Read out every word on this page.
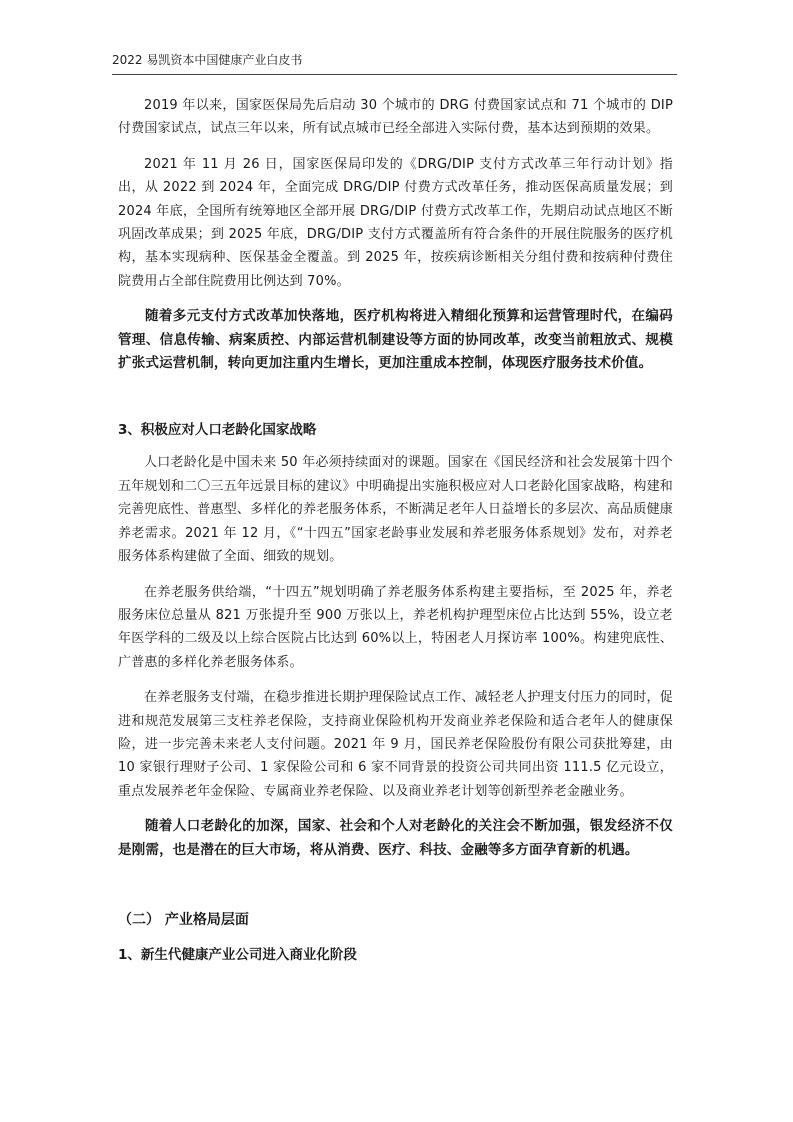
2022 易凯资本中国健康产业白皮书

2019 年以来，国家医保局先后启动 30 个城市的 DRG 付费国家试点和 71 个城市的 DIP 付费国家试点，试点三年以来，所有试点城市已经全部进入实际付费，基本达到预期的效果。

2021 年 11 月 26 日，国家医保局印发的《DRG/DIP 支付方式改革三年行动计划》指出，从 2022 到 2024 年，全面完成 DRG/DIP 付费方式改革任务，推动医保高质量发展；到 2024 年底，全国所有统筹地区全部开展 DRG/DIP 付费方式改革工作，先期启动试点地区不断巩固改革成果；到 2025 年底，DRG/DIP 支付方式覆盖所有符合条件的开展住院服务的医疗机构，基本实现病种、医保基金全覆盖。到 2025 年，按疾病诊断相关分组付费和按病种付费住院费用占全部住院费用比例达到 70%。

随着多元支付方式改革加快落地，医疗机构将进入精细化预算和运营管理时代，在编码管理、信息传输、病案质控、内部运营机制建设等方面的协同改革，改变当前粗放式、规模扩张式运营机制，转向更加注重内生增长，更加注重成本控制，体现医疗服务技术价值。

3、积极应对人口老龄化国家战略

人口老龄化是中国未来 50 年必须持续面对的课题。国家在《国民经济和社会发展第十四个五年规划和二〇三五年远景目标的建议》中明确提出实施积极应对人口老龄化国家战略，构建和完善兜底性、普惠型、多样化的养老服务体系，不断满足老年人日益增长的多层次、高品质健康养老需求。2021 年 12 月，《“十四五”国家老龄事业发展和养老服务体系规划》发布，对养老服务体系构建做了全面、细致的规划。

在养老服务供给端，“十四五”规划明确了养老服务体系构建主要指标，至 2025 年，养老服务床位总量从 821 万张提升至 900 万张以上，养老机构护理型床位占比达到 55%，设立老年医学科的二级及以上综合医院占比达到 60%以上，特困老人月探访率 100%。构建兜底性、广普惠的多样化养老服务体系。

在养老服务支付端，在稳步推进长期护理保险试点工作、减轻老人护理支付压力的同时，促进和规范发展第三支柱养老保险，支持商业保险机构开发商业养老保险和适合老年人的健康保险，进一步完善未来老人支付问题。2021 年 9 月，国民养老保险股份有限公司获批筹建，由 10 家银行理财子公司、1 家保险公司和 6 家不同背景的投资公司共同出资 111.5 亿元设立，重点发展养老年金保险、专属商业养老保险、以及商业养老计划等创新型养老金融业务。

随着人口老龄化的加深，国家、社会和个人对老龄化的关注会不断加强，银发经济不仅是刚需，也是潜在的巨大市场，将从消费、医疗、科技、金融等多方面孕育新的机遇。

（二） 产业格局层面
1、新生代健康产业公司进入商业化阶段
